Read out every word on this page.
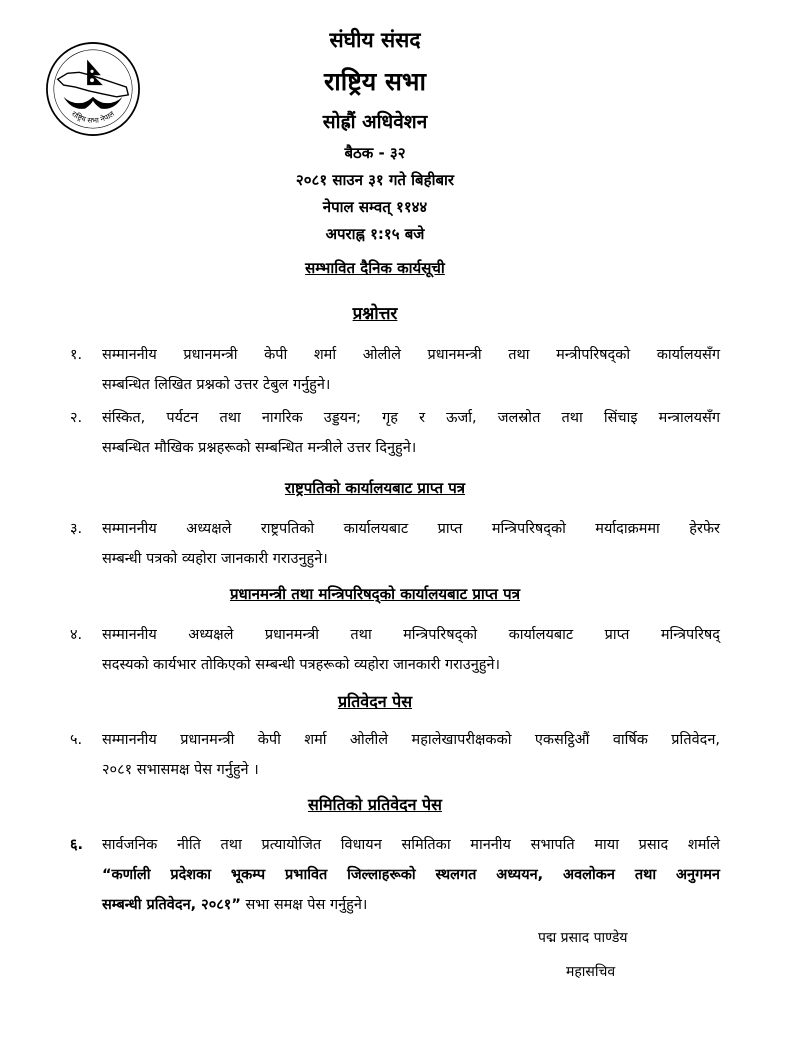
राष्ट्रिय सभा नेपाल
संघीय संसद
राष्ट्रिय सभा
सोह्रौं अधिवेशन
बैठक - ३२
२०८१ साउन ३१ गते बिहीबार
नेपाल सम्वत् ११४४
अपराह्न १:१५ बजे
सम्भावित दैनिक कार्यसूची
प्रश्नोत्तर
१.	सम्माननीय प्रधानमन्त्री केपी शर्मा ओलीले प्रधानमन्त्री तथा मन्त्रीपरिषद्को कार्यालयसँग
सम्बन्धित लिखित प्रश्नको उत्तर टेबुल गर्नुहुने।
२.	संस्कित, पर्यटन तथा नागरिक उड्डयन; गृह र ऊर्जा, जलस्रोत तथा सिंचाइ मन्त्रालयसँग
सम्बन्धित मौखिक प्रश्नहरूको सम्बन्धित मन्त्रीले उत्तर दिनुहुने।
राष्ट्रपतिको कार्यालयबाट प्राप्त पत्र
३.	सम्माननीय अध्यक्षले राष्ट्रपतिको कार्यालयबाट प्राप्त मन्त्रिपरिषद्को मर्यादाक्रममा हेरफेर
सम्बन्धी पत्रको व्यहोरा जानकारी गराउनुहुने।
प्रधानमन्त्री तथा मन्त्रिपरिषद्को कार्यालयबाट प्राप्त पत्र
४.	सम्माननीय अध्यक्षले प्रधानमन्त्री तथा मन्त्रिपरिषद्को कार्यालयबाट प्राप्त मन्त्रिपरिषद्
सदस्यको कार्यभार तोकिएको सम्बन्धी पत्रहरूको व्यहोरा जानकारी गराउनुहुने।
प्रतिवेदन पेस
५.	सम्माननीय प्रधानमन्त्री केपी शर्मा ओलीले महालेखापरीक्षकको एकसट्ठिऔं वार्षिक प्रतिवेदन,
२०८१ सभासमक्ष पेस गर्नुहुने ।
समितिको प्रतिवेदन पेस
६.	सार्वजनिक नीति तथा प्रत्यायोजित विधायन समितिका माननीय सभापति माया प्रसाद शर्माले
“कर्णाली प्रदेशका भूकम्प प्रभावित जिल्लाहरूको स्थलगत अध्ययन, अवलोकन तथा अनुगमन
सम्बन्धी प्रतिवेदन, २०८१” सभा समक्ष पेस गर्नुहुने।
पद्म प्रसाद पाण्डेय
महासचिव
